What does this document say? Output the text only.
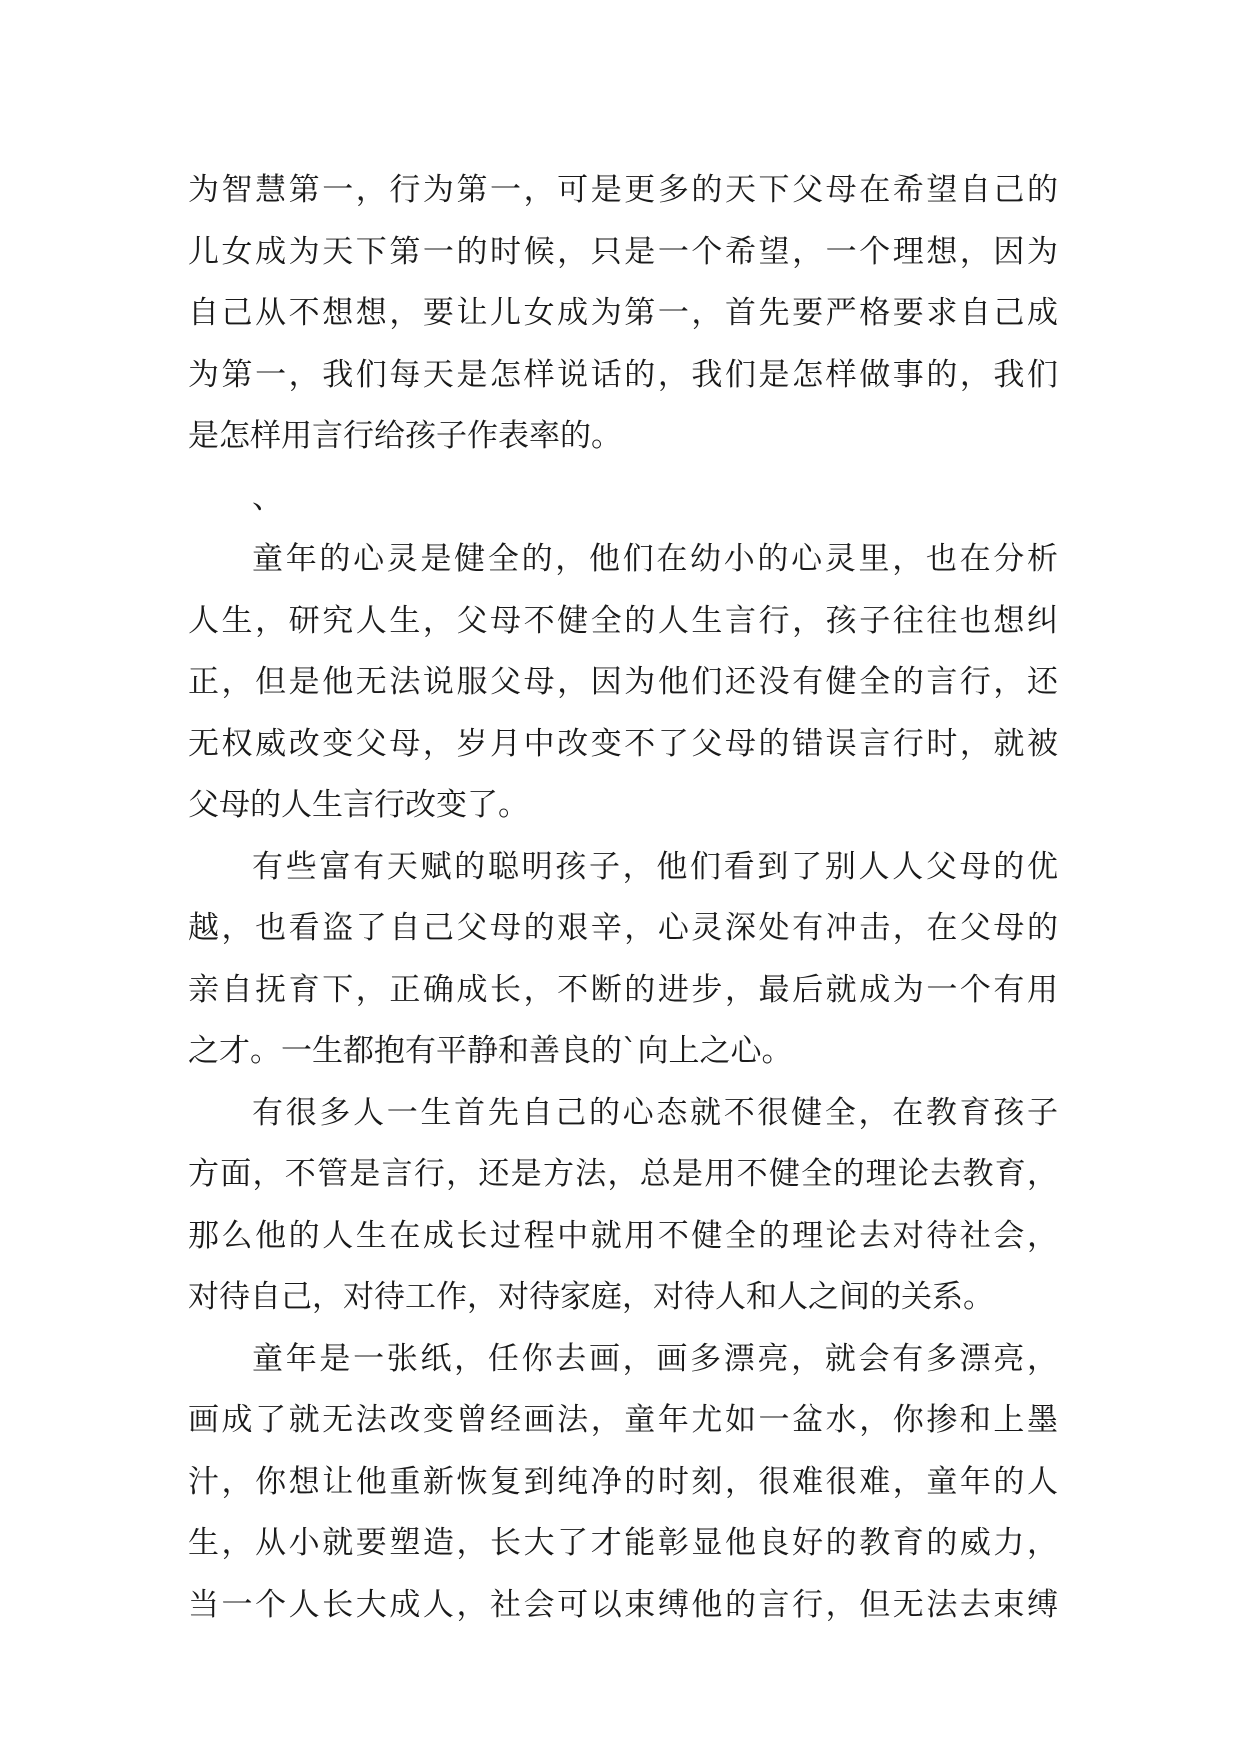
为智慧第一，行为第一，可是更多的天下父母在希望自己的
儿女成为天下第一的时候，只是一个希望，一个理想，因为
自己从不想想，要让儿女成为第一，首先要严格要求自己成
为第一，我们每天是怎样说话的，我们是怎样做事的，我们
是怎样用言行给孩子作表率的。
、
童年的心灵是健全的，他们在幼小的心灵里，也在分析
人生，研究人生，父母不健全的人生言行，孩子往往也想纠
正，但是他无法说服父母，因为他们还没有健全的言行，还
无权威改变父母，岁月中改变不了父母的错误言行时，就被
父母的人生言行改变了。
有些富有天赋的聪明孩子，他们看到了别人人父母的优
越，也看盗了自己父母的艰辛，心灵深处有冲击，在父母的
亲自抚育下，正确成长，不断的进步，最后就成为一个有用
之才。一生都抱有平静和善良的`向上之心。
有很多人一生首先自己的心态就不很健全，在教育孩子
方面，不管是言行，还是方法，总是用不健全的理论去教育，
那么他的人生在成长过程中就用不健全的理论去对待社会，
对待自己，对待工作，对待家庭，对待人和人之间的关系。
童年是一张纸，任你去画，画多漂亮，就会有多漂亮，
画成了就无法改变曾经画法，童年尤如一盆水，你掺和上墨
汁，你想让他重新恢复到纯净的时刻，很难很难，童年的人
生，从小就要塑造，长大了才能彰显他良好的教育的威力，
当一个人长大成人，社会可以束缚他的言行，但无法去束缚
